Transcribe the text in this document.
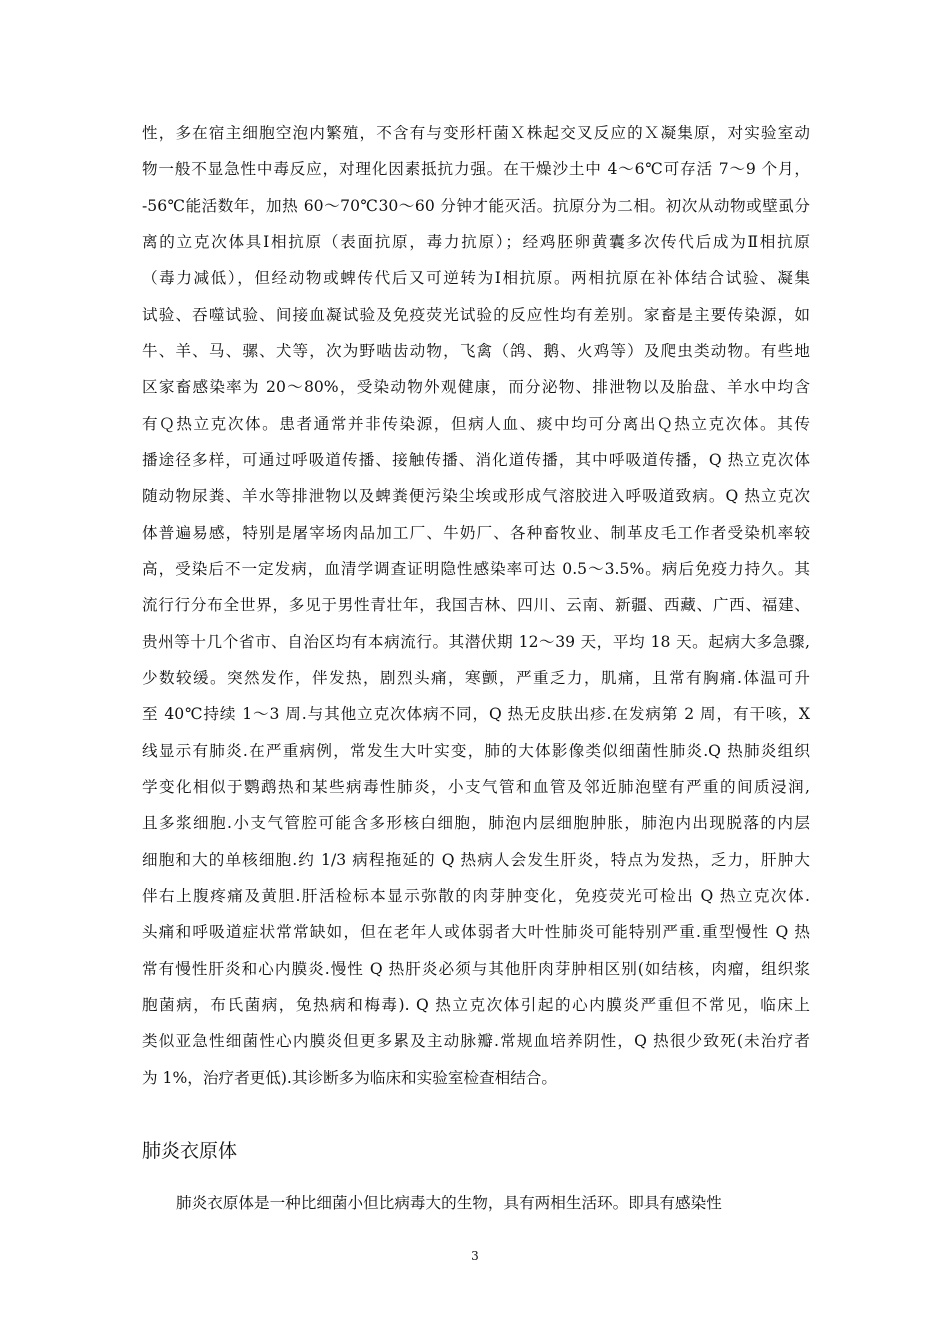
性，多在宿主细胞空泡内繁殖，不含有与变形杆菌Ｘ株起交叉反应的Ｘ凝集原，对实验室动
物一般不显急性中毒反应，对理化因素抵抗力强。在干燥沙土中 4～6℃可存活 7～9 个月，
-56℃能活数年，加热 60～70℃30～60 分钟才能灭活。抗原分为二相。初次从动物或壁虱分
离的立克次体具Ⅰ相抗原（表面抗原，毒力抗原）；经鸡胚卵黄囊多次传代后成为Ⅱ相抗原
（毒力减低），但经动物或蜱传代后又可逆转为Ⅰ相抗原。两相抗原在补体结合试验、凝集
试验、吞噬试验、间接血凝试验及免疫荧光试验的反应性均有差别。家畜是主要传染源，如
牛、羊、马、骡、犬等，次为野啮齿动物，飞禽（鸽、鹅、火鸡等）及爬虫类动物。有些地
区家畜感染率为 20～80%，受染动物外观健康，而分泌物、排泄物以及胎盘、羊水中均含
有Ｑ热立克次体。患者通常并非传染源，但病人血、痰中均可分离出Ｑ热立克次体。其传
播途径多样，可通过呼吸道传播、接触传播、消化道传播，其中呼吸道传播，Q 热立克次体
随动物尿粪、羊水等排泄物以及蜱粪便污染尘埃或形成气溶胶进入呼吸道致病。Q 热立克次
体普遍易感，特别是屠宰场肉品加工厂、牛奶厂、各种畜牧业、制革皮毛工作者受染机率较
高，受染后不一定发病，血清学调查证明隐性感染率可达 0.5～3.5%。病后免疫力持久。其
流行行分布全世界，多见于男性青壮年，我国吉林、四川、云南、新疆、西藏、广西、福建、
贵州等十几个省市、自治区均有本病流行。其潜伏期 12～39 天，平均 18 天。起病大多急骤,
少数较缓。突然发作，伴发热，剧烈头痛，寒颤，严重乏力，肌痛，且常有胸痛.体温可升
至 40℃持续 1～3 周.与其他立克次体病不同，Q 热无皮肤出疹.在发病第 2 周，有干咳，X
线显示有肺炎.在严重病例，常发生大叶实变，肺的大体影像类似细菌性肺炎.Q 热肺炎组织
学变化相似于鹦鹉热和某些病毒性肺炎，小支气管和血管及邻近肺泡壁有严重的间质浸润,
且多浆细胞.小支气管腔可能含多形核白细胞，肺泡内层细胞肿胀，肺泡内出现脱落的内层
细胞和大的单核细胞.约 1/3 病程拖延的 Q 热病人会发生肝炎，特点为发热，乏力，肝肿大
伴右上腹疼痛及黄胆.肝活检标本显示弥散的肉芽肿变化，免疫荧光可检出 Q 热立克次体.
头痛和呼吸道症状常常缺如，但在老年人或体弱者大叶性肺炎可能特别严重.重型慢性 Q 热
常有慢性肝炎和心内膜炎.慢性 Q 热肝炎必须与其他肝肉芽肿相区别(如结核，肉瘤，组织浆
胞菌病，布氏菌病，兔热病和梅毒). Q 热立克次体引起的心内膜炎严重但不常见，临床上
类似亚急性细菌性心内膜炎但更多累及主动脉瓣.常规血培养阴性，Q 热很少致死(未治疗者
为 1%，治疗者更低).其诊断多为临床和实验室检查相结合。
肺炎衣原体

肺炎衣原体是一种比细菌小但比病毒大的生物，具有两相生活环。即具有感染性

3
